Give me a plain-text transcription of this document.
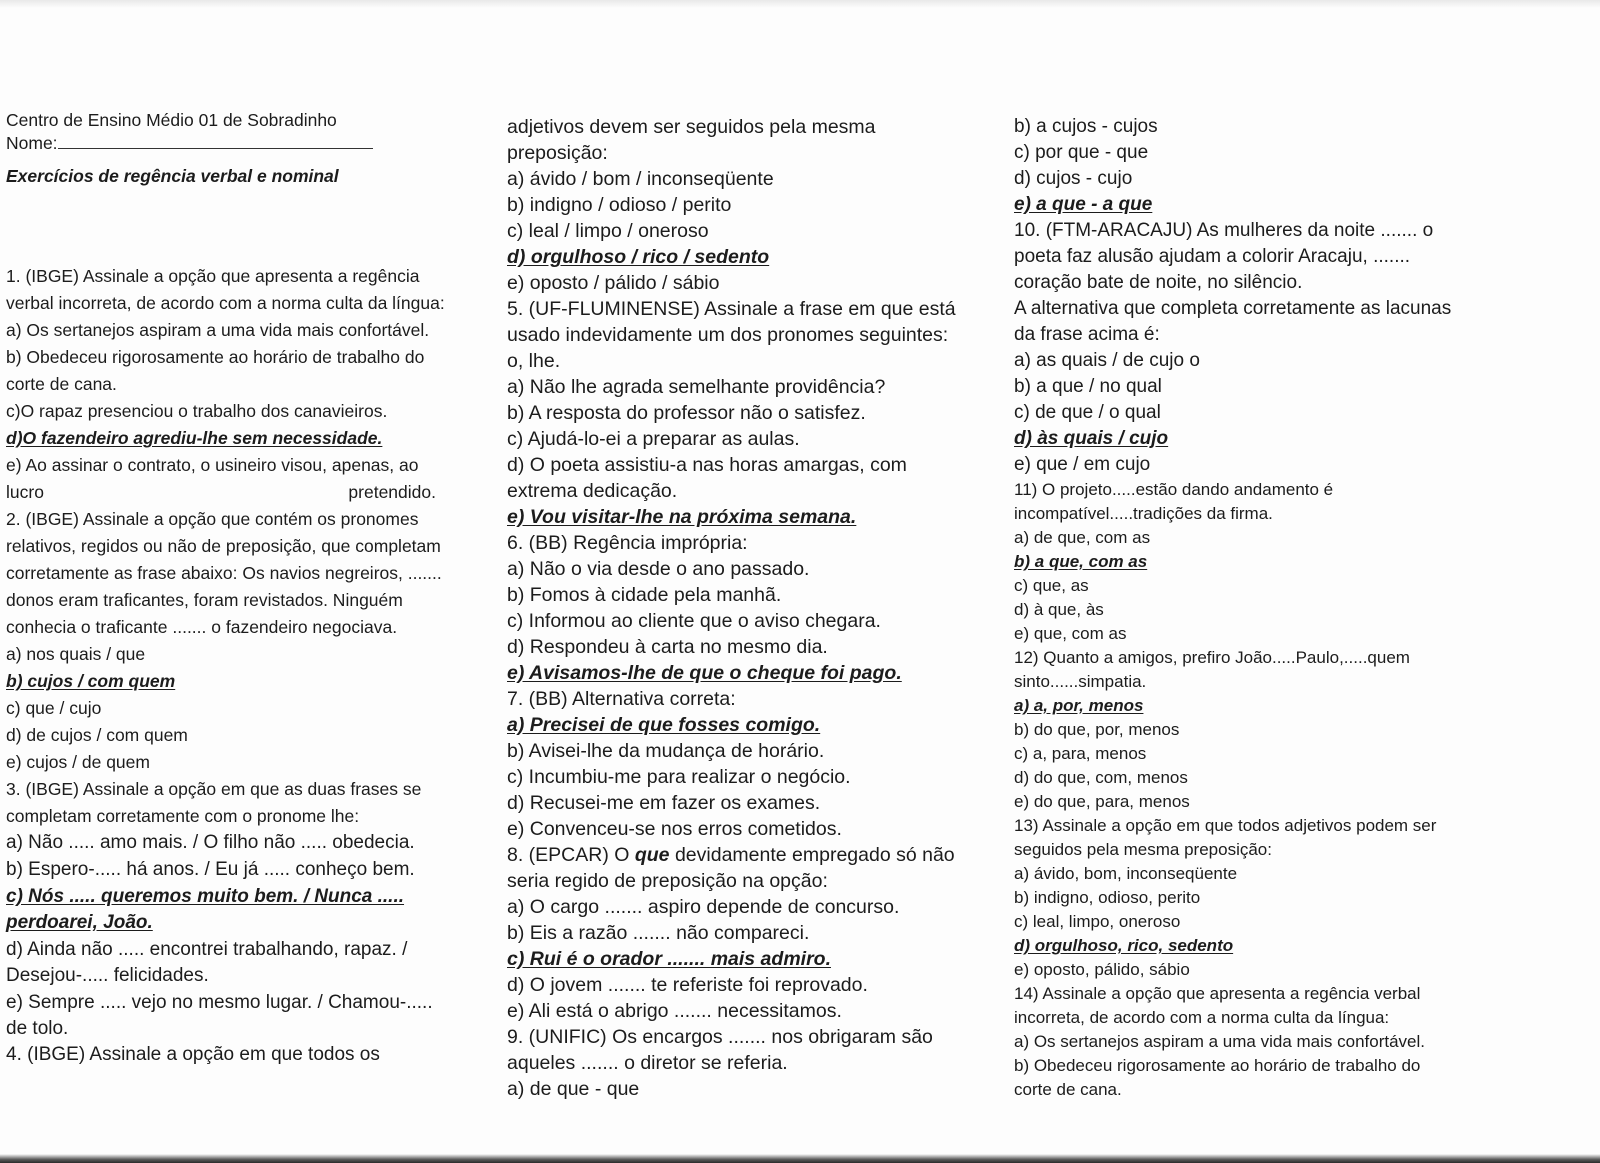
Centro de Ensino Médio 01 de Sobradinho
Nome:
Exercícios de regência verbal e nominal
1. (IBGE) Assinale a opção que apresenta a regência
verbal incorreta, de acordo com a norma culta da língua:
a) Os sertanejos aspiram a uma vida mais confortável.
b) Obedeceu rigorosamente ao horário de trabalho do
corte de cana.
c)O rapaz presenciou o trabalho dos canavieiros.
d)O fazendeiro agrediu-lhe sem necessidade.
e) Ao assinar o contrato, o usineiro visou, apenas, ao
lucro	pretendido.
2. (IBGE) Assinale a opção que contém os pronomes
relativos, regidos ou não de preposição, que completam
corretamente as frase abaixo: Os navios negreiros, .......
donos eram traficantes, foram revistados. Ninguém
conhecia o traficante ....... o fazendeiro negociava.
a) nos quais / que
b) cujos / com quem
c) que / cujo
d) de cujos / com quem
e) cujos / de quem
3. (IBGE) Assinale a opção em que as duas frases se
completam corretamente com o pronome lhe:
a) Não ..... amo mais. / O filho não ..... obedecia.
b) Espero-..... há anos. / Eu já ..... conheço bem.
c) Nós ..... queremos muito bem. / Nunca .....
perdoarei, João.
d) Ainda não ..... encontrei trabalhando, rapaz. /
Desejou-..... felicidades.
e) Sempre ..... vejo no mesmo lugar. / Chamou-.....
de tolo.
4. (IBGE) Assinale a opção em que todos os
adjetivos devem ser seguidos pela mesma
preposição:
a) ávido / bom / inconseqüente
b) indigno / odioso / perito
c) leal / limpo / oneroso
d) orgulhoso / rico / sedento
e) oposto / pálido / sábio
5. (UF-FLUMINENSE) Assinale a frase em que está
usado indevidamente um dos pronomes seguintes:
o, lhe.
a) Não lhe agrada semelhante providência?
b) A resposta do professor não o satisfez.
c) Ajudá-lo-ei a preparar as aulas.
d) O poeta assistiu-a nas horas amargas, com
extrema dedicação.
e) Vou visitar-lhe na próxima semana.
6. (BB) Regência imprópria:
a) Não o via desde o ano passado.
b) Fomos à cidade pela manhã.
c) Informou ao cliente que o aviso chegara.
d) Respondeu à carta no mesmo dia.
e) Avisamos-lhe de que o cheque foi pago.
7. (BB) Alternativa correta:
a) Precisei de que fosses comigo.
b) Avisei-lhe da mudança de horário.
c) Incumbiu-me para realizar o negócio.
d) Recusei-me em fazer os exames.
e) Convenceu-se nos erros cometidos.
8. (EPCAR) O que devidamente empregado só não
seria regido de preposição na opção:
a) O cargo ....... aspiro depende de concurso.
b) Eis a razão ....... não compareci.
c) Rui é o orador ....... mais admiro.
d) O jovem ....... te referiste foi reprovado.
e) Ali está o abrigo ....... necessitamos.
9. (UNIFIC) Os encargos ....... nos obrigaram são
aqueles ....... o diretor se referia.
a) de que - que
b) a cujos - cujos
c) por que - que
d) cujos - cujo
e) a que - a que
10. (FTM-ARACAJU) As mulheres da noite ....... o
poeta faz alusão ajudam a colorir Aracaju, .......
coração bate de noite, no silêncio.
A alternativa que completa corretamente as lacunas
da frase acima é:
a) as quais / de cujo o
b) a que / no qual
c) de que / o qual
d) às quais / cujo
e) que / em cujo
11) O projeto.....estão dando andamento é
incompatível.....tradições da firma.
a) de que, com as
b) a que, com as
c) que, as
d) à que, às
e) que, com as
12) Quanto a amigos, prefiro João.....Paulo,.....quem
sinto......simpatia.
a) a, por, menos
b) do que, por, menos
c) a, para, menos
d) do que, com, menos
e) do que, para, menos
13) Assinale a opção em que todos adjetivos podem ser
seguidos pela mesma preposição:
a) ávido, bom, inconseqüente
b) indigno, odioso, perito
c) leal, limpo, oneroso
d) orgulhoso, rico, sedento
e) oposto, pálido, sábio
14) Assinale a opção que apresenta a regência verbal
incorreta, de acordo com a norma culta da língua:
a) Os sertanejos aspiram a uma vida mais confortável.
b) Obedeceu rigorosamente ao horário de trabalho do
corte de cana.
